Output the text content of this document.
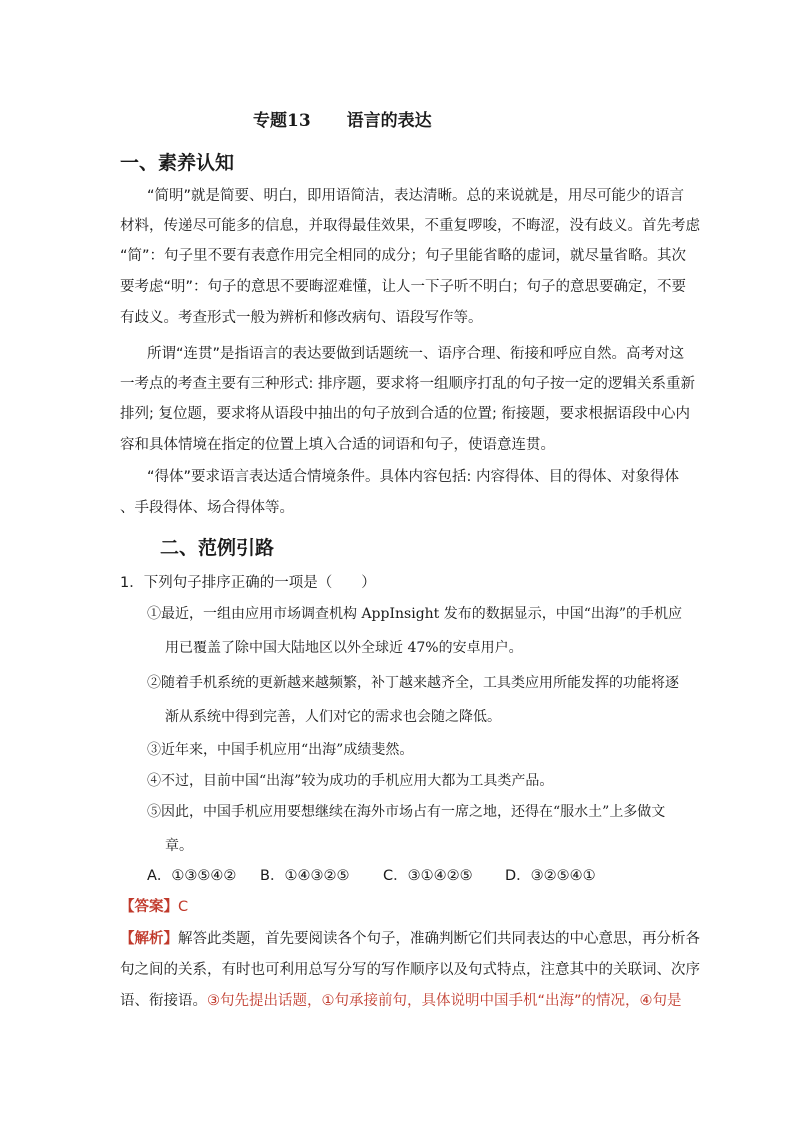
专题13 语言的表达
一、素养认知
“简明”就是简要、明白，即用语简洁，表达清晰。总的来说就是，用尽可能少的语言
材料，传递尽可能多的信息，并取得最佳效果，不重复啰唆，不晦涩，没有歧义。首先考虑
“简”：句子里不要有表意作用完全相同的成分；句子里能省略的虚词，就尽量省略。其次
要考虑“明”：句子的意思不要晦涩难懂，让人一下子听不明白；句子的意思要确定，不要
有歧义。考查形式一般为辨析和修改病句、语段写作等。
所谓“连贯”是指语言的表达要做到话题统一、语序合理、衔接和呼应自然。高考对这
一考点的考查主要有三种形式: 排序题，要求将一组顺序打乱的句子按一定的逻辑关系重新
排列; 复位题，要求将从语段中抽出的句子放到合适的位置; 衔接题，要求根据语段中心内
容和具体情境在指定的位置上填入合适的词语和句子，使语意连贯。
“得体”要求语言表达适合情境条件。具体内容包括: 内容得体、目的得体、对象得体
、手段得体、场合得体等。
二、范例引路
1．下列句子排序正确的一项是（　　）
①最近，一组由应用市场调查机构 AppInsight 发布的数据显示，中国“出海”的手机应
用已覆盖了除中国大陆地区以外全球近 47%的安卓用户。
②随着手机系统的更新越来越频繁，补丁越来越齐全，工具类应用所能发挥的功能将逐
渐从系统中得到完善，人们对它的需求也会随之降低。
③近年来，中国手机应用“出海”成绩斐然。
④不过，目前中国“出海”较为成功的手机应用大都为工具类产品。
⑤因此，中国手机应用要想继续在海外市场占有一席之地，还得在“服水土”上多做文
章。
A．①③⑤④② B．①④③②⑤ C．③①④②⑤ D．③②⑤④①
【答案】C
【解析】解答此类题，首先要阅读各个句子，准确判断它们共同表达的中心意思，再分析各
句之间的关系，有时也可利用总写分写的写作顺序以及句式特点，注意其中的关联词、次序
语、衔接语。③句先提出话题，①句承接前句，具体说明中国手机“出海”的情况，④句是
